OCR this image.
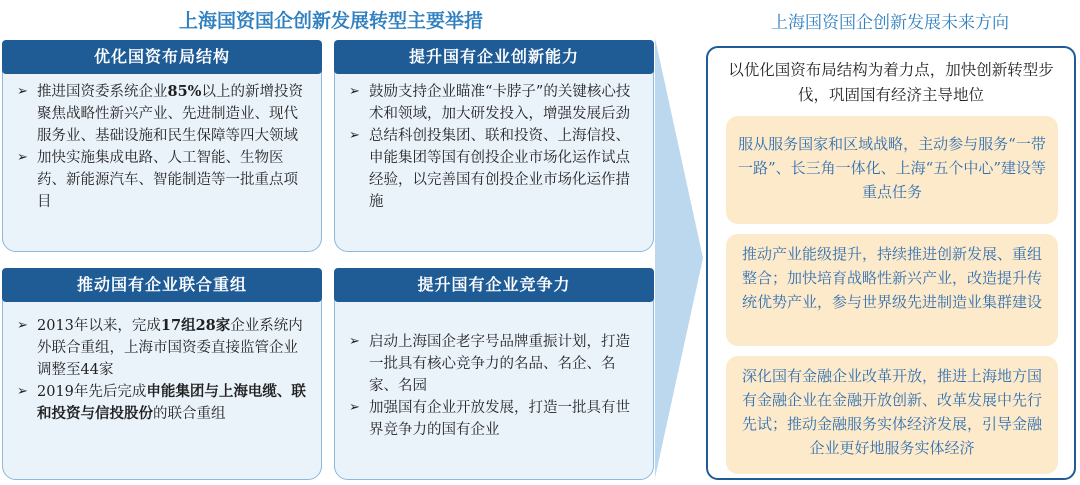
上海国资国企创新发展转型主要举措	上海国资国企创新发展未来方向
优化国资布局结构
➢ 推进国资委系统企业85%以上的新增投资聚焦战略性新兴产业、先进制造业、现代服务业、基础设施和民生保障等四大领域
➢ 加快实施集成电路、人工智能、生物医药、新能源汽车、智能制造等一批重点项目
提升国有企业创新能力
➢ 鼓励支持企业瞄准“卡脖子”的关键核心技术和领域，加大研发投入，增强发展后劲
➢ 总结科创投集团、联和投资、上海信投、申能集团等国有创投企业市场化运作试点经验，以完善国有创投企业市场化运作措施
推动国有企业联合重组
➢ 2013年以来，完成17组28家企业系统内外联合重组，上海市国资委直接监管企业调整至44家
➢ 2019年先后完成申能集团与上海电缆、联和投资与信投股份的联合重组
提升国有企业竞争力
➢ 启动上海国企老字号品牌重振计划，打造一批具有核心竞争力的名品、名企、名家、名园
➢ 加强国有企业开放发展，打造一批具有世界竞争力的国有企业
以优化国资布局结构为着力点，加快创新转型步伐，巩固国有经济主导地位
服从服务国家和区域战略，主动参与服务“一带一路”、长三角一体化、上海“五个中心”建设等重点任务
推动产业能级提升，持续推进创新发展、重组整合；加快培育战略性新兴产业，改造提升传统优势产业，参与世界级先进制造业集群建设
深化国有金融企业改革开放，推进上海地方国有金融企业在金融开放创新、改革发展中先行先试；推动金融服务实体经济发展，引导金融企业更好地服务实体经济
